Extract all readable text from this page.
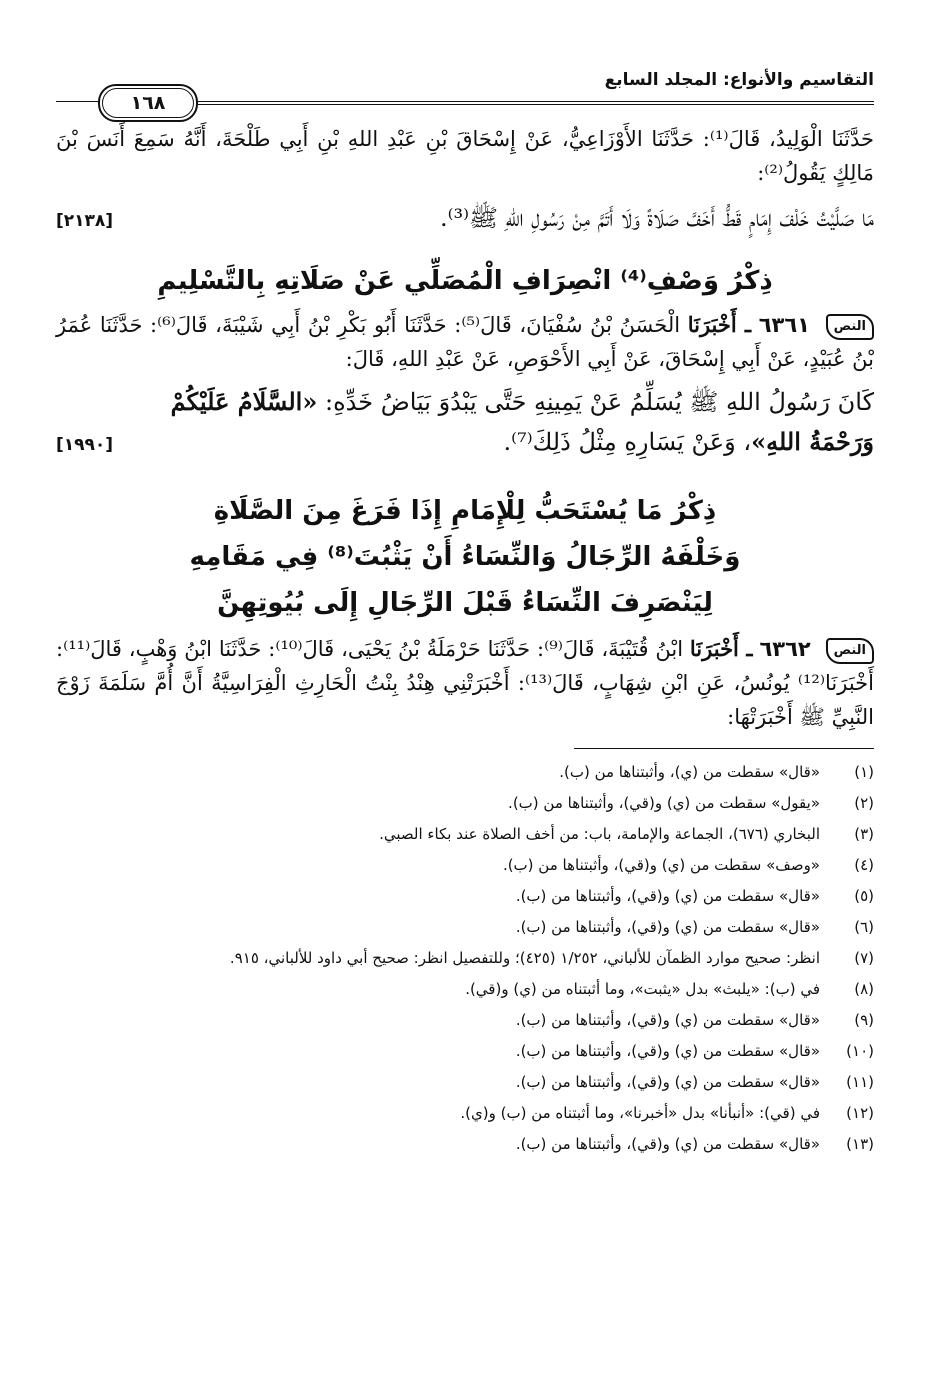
التقاسيم والأنواع: المجلد السابع
١٦٨

حَدَّثَنَا الْوَلِيدُ، قَالَ⁽¹⁾: حَدَّثَنَا الأَوْزَاعِيُّ، عَنْ إِسْحَاقَ بْنِ عَبْدِ اللهِ بْنِ أَبِي طَلْحَةَ، أَنَّهُ سَمِعَ أَنَسَ بْنَ مَالِكٍ يَقُولُ⁽²⁾:

مَا صَلَّيْتُ خَلْفَ إِمَامٍ قَطُّ أَخَفَّ صَلَاةً وَلَا أَتَمَّ مِنْ رَسُولِ اللهِ ﷺ⁽³⁾.
[٢١٣٨]
ذِكْرُ وَصْفِ⁽⁴⁾ انْصِرَافِ الْمُصَلِّي عَنْ صَلَاتِهِ بِالتَّسْلِيمِ

النص ٦٣٦١ ـ أَخْبَرَنَا الْحَسَنُ بْنُ سُفْيَانَ، قَالَ⁽⁵⁾: حَدَّثَنَا أَبُو بَكْرِ بْنُ أَبِي شَيْبَةَ، قَالَ⁽⁶⁾: حَدَّثَنَا عُمَرُ بْنُ عُبَيْدٍ، عَنْ أَبِي إِسْحَاقَ، عَنْ أَبِي الأَحْوَصِ، عَنْ عَبْدِ اللهِ، قَالَ:

كَانَ رَسُولُ اللهِ ﷺ يُسَلِّمُ عَنْ يَمِينِهِ حَتَّى يَبْدُوَ بَيَاضُ خَدِّهِ: «السَّلَامُ عَلَيْكُمْ

وَرَحْمَةُ اللهِ»، وَعَنْ يَسَارِهِ مِثْلُ ذَلِكَ⁽⁷⁾.
[١٩٩٠]
ذِكْرُ مَا يُسْتَحَبُّ لِلْإِمَامِ إِذَا فَرَغَ مِنَ الصَّلَاةِ
وَخَلْفَهُ الرِّجَالُ وَالنِّسَاءُ أَنْ يَثْبُتَ⁽⁸⁾ فِي مَقَامِهِ
لِيَنْصَرِفَ النِّسَاءُ قَبْلَ الرِّجَالِ إِلَى بُيُوتِهِنَّ

النص ٦٣٦٢ ـ أَخْبَرَنَا ابْنُ قُتَيْبَةَ، قَالَ⁽⁹⁾: حَدَّثَنَا حَرْمَلَةُ بْنُ يَحْيَى، قَالَ⁽¹⁰⁾: حَدَّثَنَا ابْنُ وَهْبٍ، قَالَ⁽¹¹⁾: أَخْبَرَنَا⁽¹²⁾ يُونُسُ، عَنِ ابْنِ شِهَابٍ، قَالَ⁽¹³⁾: أَخْبَرَتْنِي هِنْدُ بِنْتُ الْحَارِثِ الْفِرَاسِيَّةُ أَنَّ أُمَّ سَلَمَةَ زَوْجَ النَّبِيِّ ﷺ أَخْبَرَتْهَا:

(١)
«قال» سقطت من (ي)، وأثبتناها من (ب).
(٢)
«يقول» سقطت من (ي) و(قي)، وأثبتناها من (ب).
(٣)
البخاري (٦٧٦)، الجماعة والإمامة، باب: من أخف الصلاة عند بكاء الصبي.
(٤)
«وصف» سقطت من (ي) و(قي)، وأثبتناها من (ب).
(٥)
«قال» سقطت من (ي) و(قي)، وأثبتناها من (ب).
(٦)
«قال» سقطت من (ي) و(قي)، وأثبتناها من (ب).
(٧)
انظر: صحيح موارد الظمآن للألباني، ١/٢٥٢ (٤٢٥)؛ وللتفصيل انظر: صحيح أبي داود للألباني، ٩١٥.
(٨)
في (ب): «يلبث» بدل «يثبت»، وما أثبتناه من (ي) و(قي).
(٩)
«قال» سقطت من (ي) و(قي)، وأثبتناها من (ب).
(١٠)
«قال» سقطت من (ي) و(قي)، وأثبتناها من (ب).
(١١)
«قال» سقطت من (ي) و(قي)، وأثبتناها من (ب).
(١٢)
في (قي): «أنبأنا» بدل «أخبرنا»، وما أثبتناه من (ب) و(ي).
(١٣)
«قال» سقطت من (ي) و(قي)، وأثبتناها من (ب).
